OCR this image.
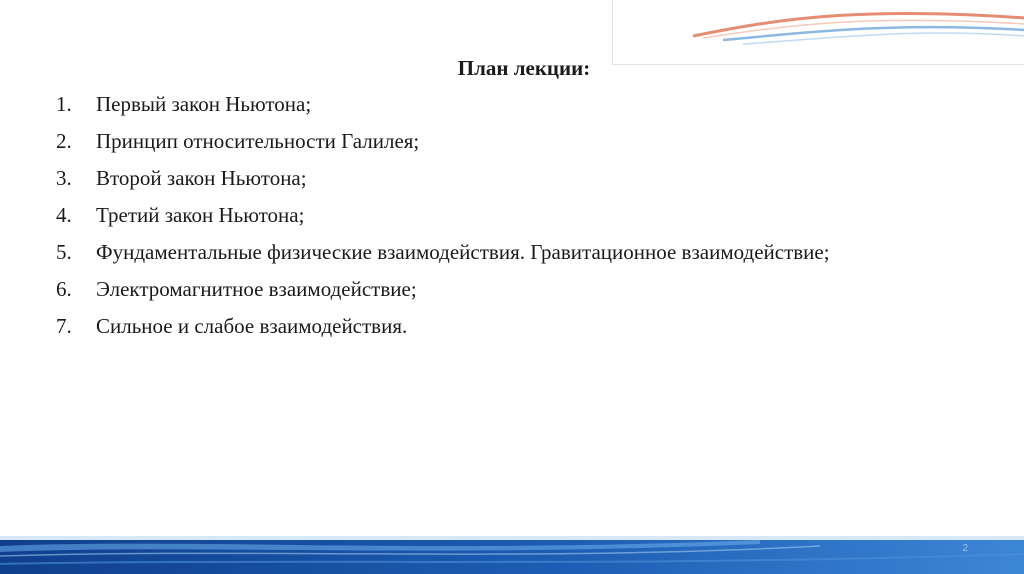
План лекции:
1. Первый закон Ньютона;
2. Принцип относительности Галилея;
3. Второй закон Ньютона;
4. Третий закон Ньютона;
5. Фундаментальные физические взаимодействия. Гравитационное взаимодействие;
6. Электромагнитное взаимодействие;
7. Сильное и слабое взаимодействия.
2
